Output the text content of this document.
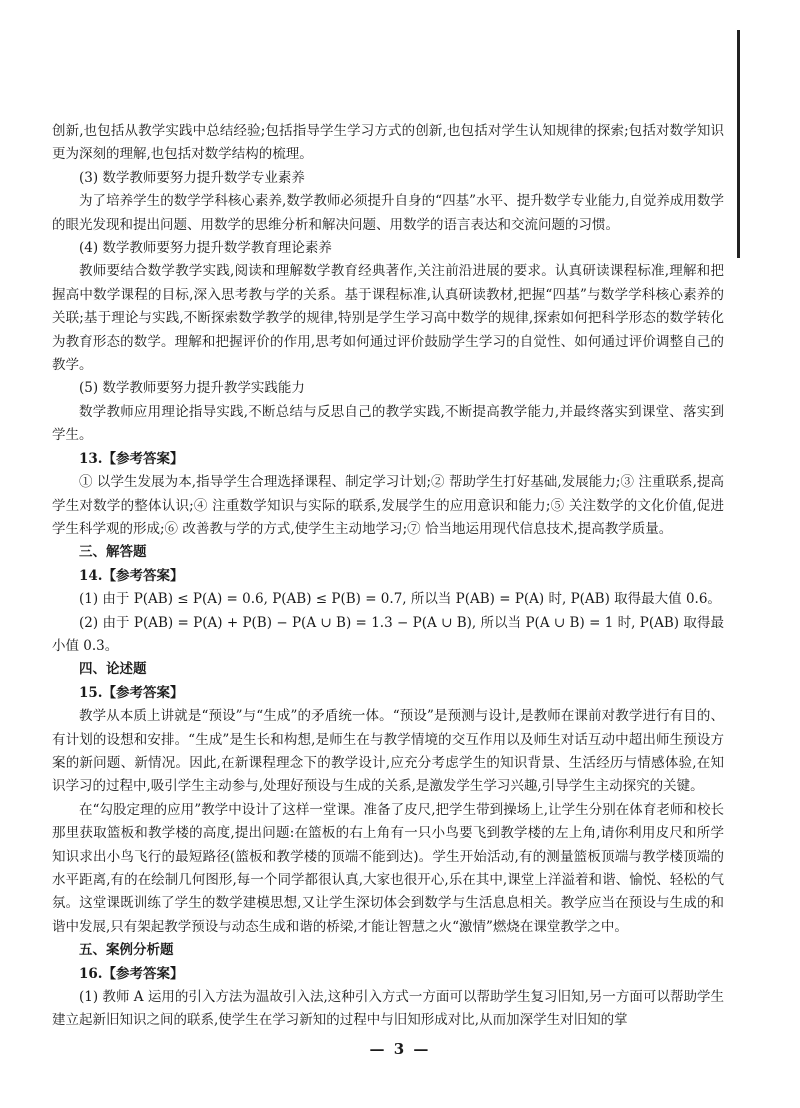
创新,也包括从教学实践中总结经验;包括指导学生学习方式的创新,也包括对学生认知规律的探索;包括对数学知识更为深刻的理解,也包括对数学结构的梳理。

(3) 数学教师要努力提升数学专业素养

为了培养学生的数学学科核心素养,数学教师必须提升自身的“四基”水平、提升数学专业能力,自觉养成用数学的眼光发现和提出问题、用数学的思维分析和解决问题、用数学的语言表达和交流问题的习惯。

(4) 数学教师要努力提升数学教育理论素养

教师要结合数学教学实践,阅读和理解数学教育经典著作,关注前沿进展的要求。认真研读课程标准,理解和把握高中数学课程的目标,深入思考教与学的关系。基于课程标准,认真研读教材,把握“四基”与数学学科核心素养的关联;基于理论与实践,不断探索数学教学的规律,特别是学生学习高中数学的规律,探索如何把科学形态的数学转化为教育形态的数学。理解和把握评价的作用,思考如何通过评价鼓励学生学习的自觉性、如何通过评价调整自己的教学。

(5) 数学教师要努力提升教学实践能力

数学教师应用理论指导实践,不断总结与反思自己的教学实践,不断提高教学能力,并最终落实到课堂、落实到学生。

13.【参考答案】

① 以学生发展为本,指导学生合理选择课程、制定学习计划;② 帮助学生打好基础,发展能力;③ 注重联系,提高学生对数学的整体认识;④ 注重数学知识与实际的联系,发展学生的应用意识和能力;⑤ 关注数学的文化价值,促进学生科学观的形成;⑥ 改善教与学的方式,使学生主动地学习;⑦ 恰当地运用现代信息技术,提高教学质量。

三、解答题

14.【参考答案】

(1) 由于 P(AB) ≤ P(A) = 0.6, P(AB) ≤ P(B) = 0.7, 所以当 P(AB) = P(A) 时, P(AB) 取得最大值 0.6。

(2) 由于 P(AB) = P(A) + P(B) − P(A ∪ B) = 1.3 − P(A ∪ B), 所以当 P(A ∪ B) = 1 时, P(AB) 取得最小值 0.3。

四、论述题

15.【参考答案】

教学从本质上讲就是“预设”与“生成”的矛盾统一体。“预设”是预测与设计,是教师在课前对教学进行有目的、有计划的设想和安排。“生成”是生长和构想,是师生在与教学情境的交互作用以及师生对话互动中超出师生预设方案的新问题、新情况。因此,在新课程理念下的教学设计,应充分考虑学生的知识背景、生活经历与情感体验,在知识学习的过程中,吸引学生主动参与,处理好预设与生成的关系,是激发学生学习兴趣,引导学生主动探究的关键。

在“勾股定理的应用”教学中设计了这样一堂课。准备了皮尺,把学生带到操场上,让学生分别在体育老师和校长那里获取篮板和教学楼的高度,提出问题:在篮板的右上角有一只小鸟要飞到教学楼的左上角,请你利用皮尺和所学知识求出小鸟飞行的最短路径(篮板和教学楼的顶端不能到达)。学生开始活动,有的测量篮板顶端与教学楼顶端的水平距离,有的在绘制几何图形,每一个同学都很认真,大家也很开心,乐在其中,课堂上洋溢着和谐、愉悦、轻松的气氛。这堂课既训练了学生的数学建模思想,又让学生深切体会到数学与生活息息相关。教学应当在预设与生成的和谐中发展,只有架起教学预设与动态生成和谐的桥梁,才能让智慧之火“激情”燃烧在课堂教学之中。

五、案例分析题

16.【参考答案】

(1) 教师 A 运用的引入方法为温故引入法,这种引入方式一方面可以帮助学生复习旧知,另一方面可以帮助学生建立起新旧知识之间的联系,使学生在学习新知的过程中与旧知形成对比,从而加深学生对旧知的掌

— 3 —
